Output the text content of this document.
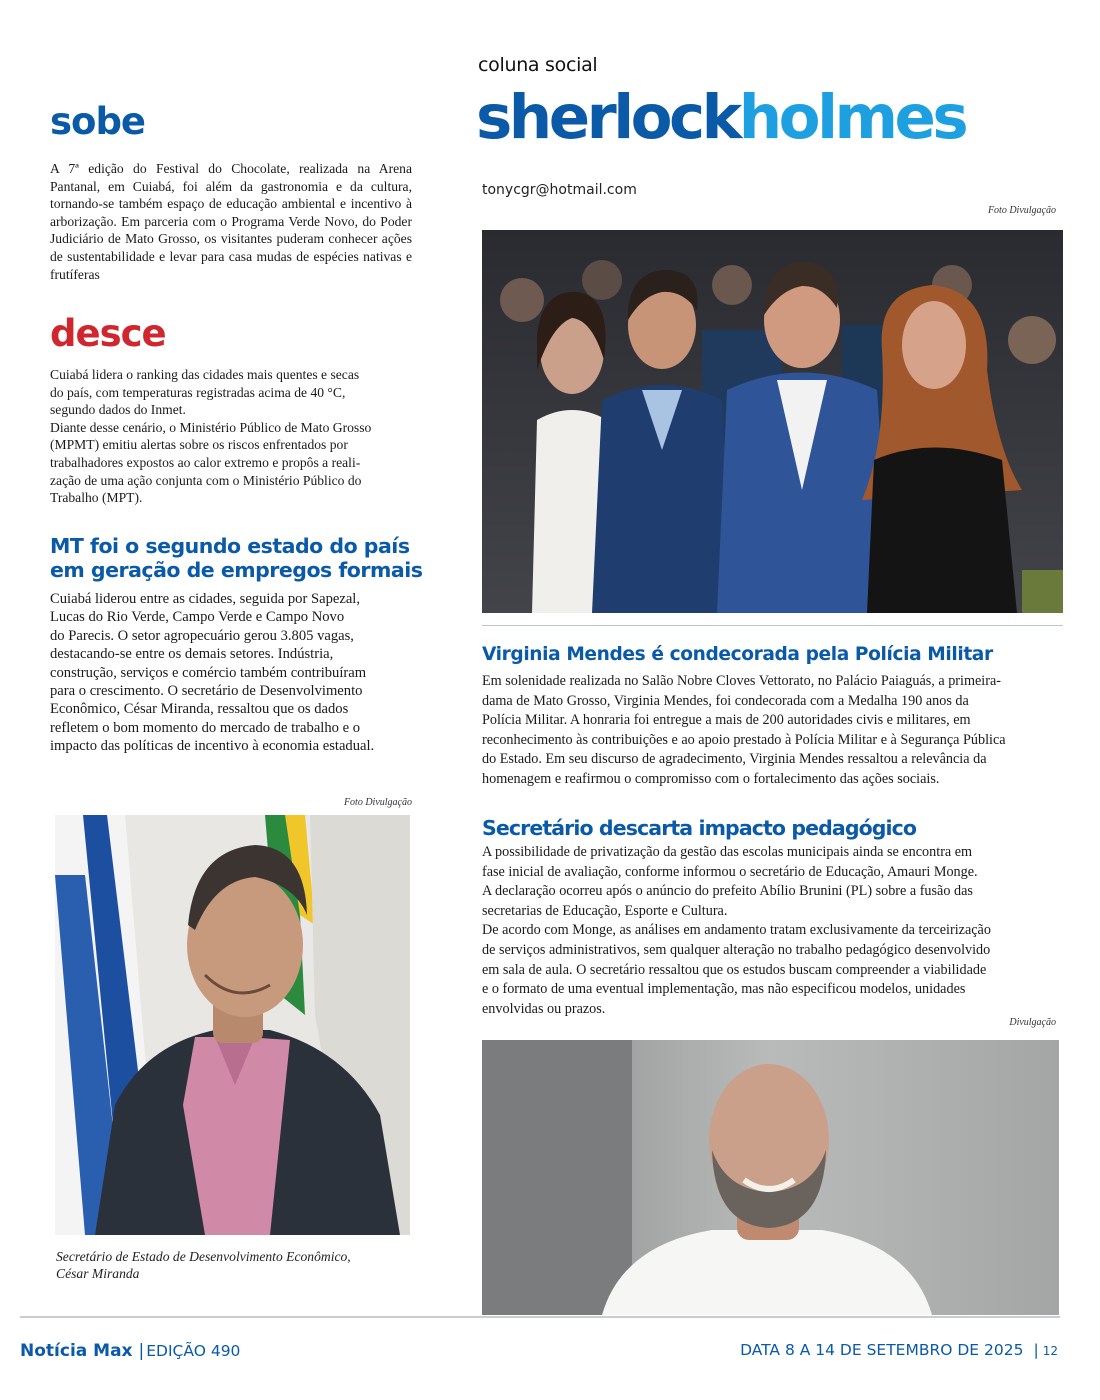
coluna social
sherlockholmes
tonycgr@hotmail.com
sobe
A 7ª edição do Festival do Chocolate, realizada na Arena Pantanal, em Cuiabá, foi além da gastronomia e da cultura, tornando-se também espaço de educação ambiental e incentivo à arborização. Em parceria com o Programa Verde Novo, do Poder Judiciário de Mato Grosso, os visitantes puderam conhecer ações de sustentabilidade e levar para casa mudas de espécies nativas e frutíferas
desce
Cuiabá lidera o ranking das cidades mais quentes e secas
do país, com temperaturas registradas acima de 40 °C,
segundo dados do Inmet.
Diante desse cenário, o Ministério Público de Mato Grosso
(MPMT) emitiu alertas sobre os riscos enfrentados por
trabalhadores expostos ao calor extremo e propôs a reali-
zação de uma ação conjunta com o Ministério Público do
Trabalho (MPT).
MT foi o segundo estado do país
em geração de empregos formais
Cuiabá liderou entre as cidades, seguida por Sapezal,
Lucas do Rio Verde, Campo Verde e Campo Novo
do Parecis. O setor agropecuário gerou 3.805 vagas,
destacando-se entre os demais setores. Indústria,
construção, serviços e comércio também contribuíram
para o crescimento. O secretário de Desenvolvimento
Econômico, César Miranda, ressaltou que os dados
refletem o bom momento do mercado de trabalho e o
impacto das políticas de incentivo à economia estadual.
Foto Divulgação
Secretário de Estado de Desenvolvimento Econômico,
César Miranda
Foto Divulgação
Virginia Mendes é condecorada pela Polícia Militar
Em solenidade realizada no Salão Nobre Cloves Vettorato, no Palácio Paiaguás, a primeira-
dama de Mato Grosso, Virginia Mendes, foi condecorada com a Medalha 190 anos da
Polícia Militar. A honraria foi entregue a mais de 200 autoridades civis e militares, em
reconhecimento às contribuições e ao apoio prestado à Polícia Militar e à Segurança Pública
do Estado. Em seu discurso de agradecimento, Virginia Mendes ressaltou a relevância da
homenagem e reafirmou o compromisso com o fortalecimento das ações sociais.
Secretário descarta impacto pedagógico
A possibilidade de privatização da gestão das escolas municipais ainda se encontra em
fase inicial de avaliação, conforme informou o secretário de Educação, Amauri Monge.
A declaração ocorreu após o anúncio do prefeito Abílio Brunini (PL) sobre a fusão das
secretarias de Educação, Esporte e Cultura.
De acordo com Monge, as análises em andamento tratam exclusivamente da terceirização
de serviços administrativos, sem qualquer alteração no trabalho pedagógico desenvolvido
em sala de aula. O secretário ressaltou que os estudos buscam compreender a viabilidade
e o formato de uma eventual implementação, mas não especificou modelos, unidades
envolvidas ou prazos.
Divulgação
Notícia Max | EDIÇÃO 490	DATA 8 A 14 DE SETEMBRO DE 2025 | 12
